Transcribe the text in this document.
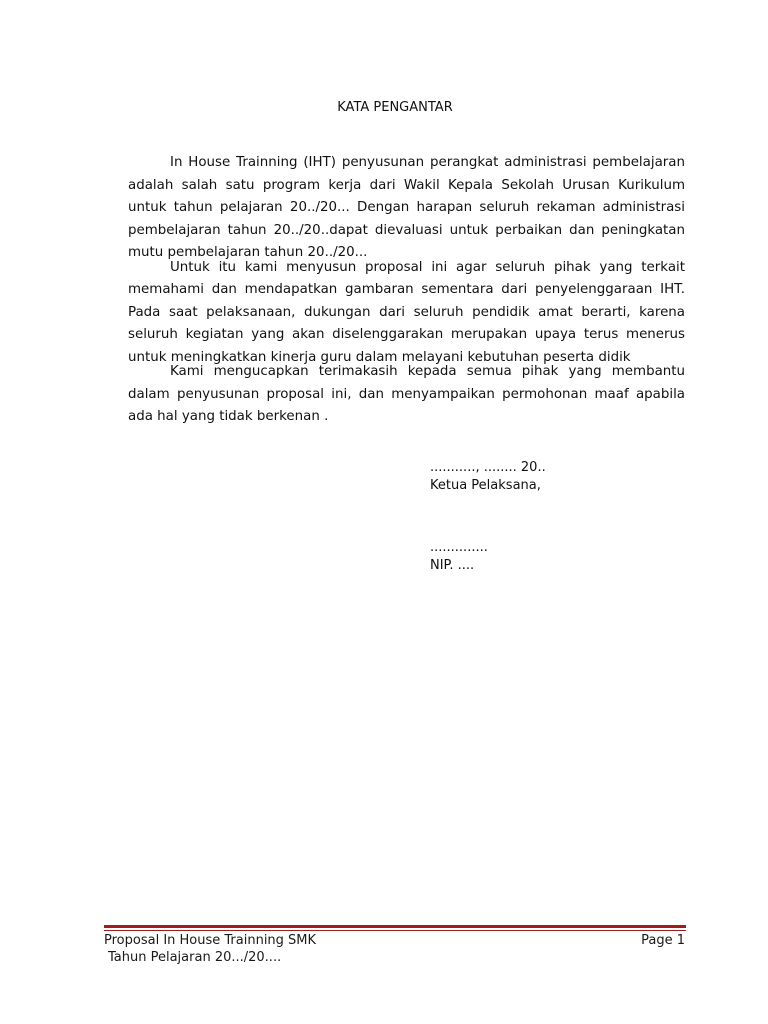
KATA PENGANTAR

In House Trainning (IHT) penyusunan perangkat administrasi pembelajaran adalah salah satu program kerja dari Wakil Kepala Sekolah Urusan Kurikulum untuk tahun pelajaran 20../20... Dengan harapan seluruh rekaman administrasi pembelajaran tahun 20../20..dapat dievaluasi untuk perbaikan dan peningkatan mutu pembelajaran tahun 20../20...

Untuk itu kami menyusun proposal ini agar seluruh pihak yang terkait memahami dan mendapatkan gambaran sementara dari penyelenggaraan IHT. Pada saat pelaksanaan, dukungan dari seluruh pendidik amat berarti, karena seluruh kegiatan yang akan diselenggarakan merupakan upaya terus menerus untuk meningkatkan kinerja guru dalam melayani kebutuhan peserta didik

Kami mengucapkan terimakasih kepada semua pihak yang membantu dalam penyusunan proposal ini, dan menyampaikan permohonan maaf apabila ada hal yang tidak berkenan .

..........., ........ 20..
Ketua Pelaksana,
..............
NIP. ....
Proposal In House Trainning SMK
Tahun Pelajaran 20.../20....
Page 1
